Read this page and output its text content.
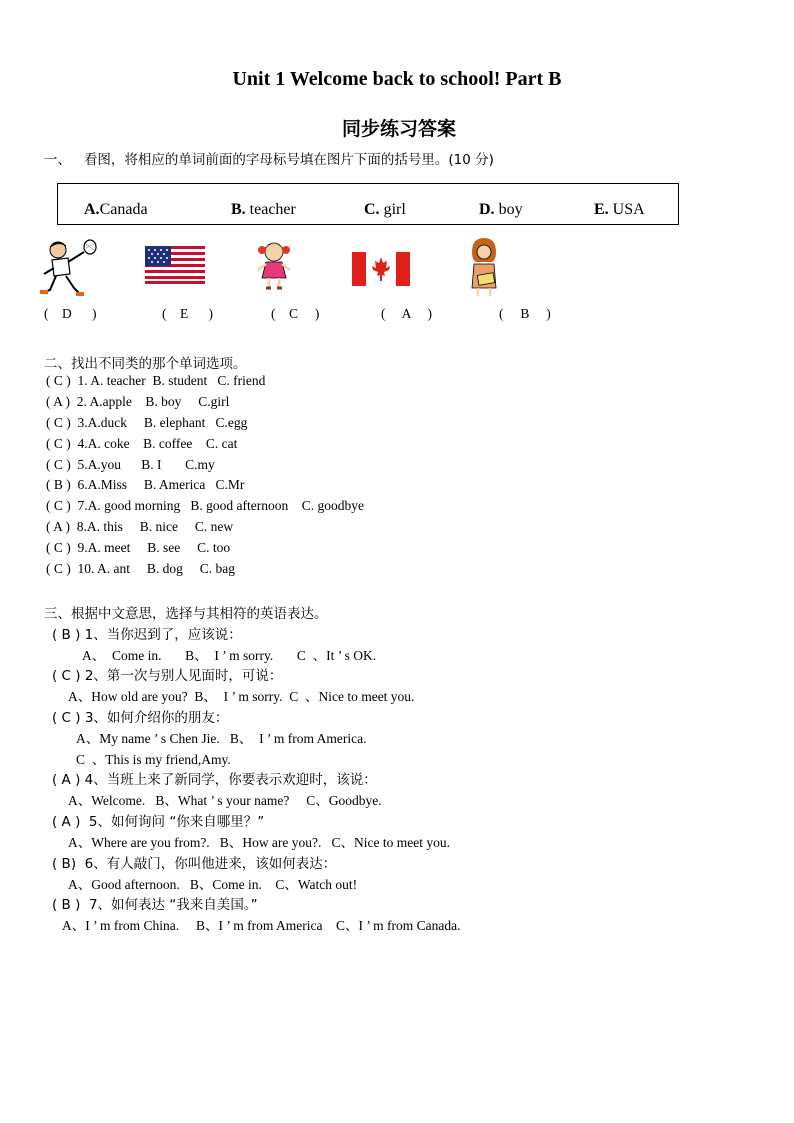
Unit 1 Welcome back to school! Part B
同步练习答案
一、   看图，将相应的单词前面的字母标号填在图片下面的括号里。(10 分)
A.Canada	B. teacher	C. girl	D. boy	E. USA
(    D      )	(    E      )	(    C     )	(     A     )	(     B     )
二、找出不同类的那个单词选项。
( C )  1. A. teacher  B. student   C. friend
( A )  2. A.apple    B. boy     C.girl
( C )  3.A.duck     B. elephant   C.egg
( C )  4.A. coke    B. coffee    C. cat
( C )  5.A.you      B. I       C.my
( B )  6.A.Miss     B. America   C.Mr
( C )  7.A. good morning   B. good afternoon    C. goodbye
( A )  8.A. this     B. nice     C. new
( C )  9.A. meet     B. see     C. too
( C )  10. A. ant     B. dog     C. bag
三、根据中文意思，选择与其相符的英语表达。
( B ) 1、当你迟到了，应该说：
A、  Come in.       B、  I ’ m sorry.       C  、It ’ s OK.
( C ) 2、第一次与别人见面时，可说：
A、How old are you?  B、  I ’ m sorry.  C  、Nice to meet you.
( C ) 3、如何介绍你的朋友：
A、My name ’ s Chen Jie.   B、  I ’ m from America.
C  、This is my friend,Amy.
( A ) 4、当班上来了新同学，你要表示欢迎时，该说：
A、Welcome.   B、What ’ s your name?     C、Goodbye.
( A )  5、如何询问 “你来自哪里？”
A、Where are you from?.   B、How are you?.   C、Nice to meet you.
( B)  6、有人敲门，你叫他进来，该如何表达：
A、Good afternoon.   B、Come in.    C、Watch out!
( B )  7、如何表达 “我来自美国。”
A、I ’ m from China.     B、I ’ m from America    C、I ’ m from Canada.
